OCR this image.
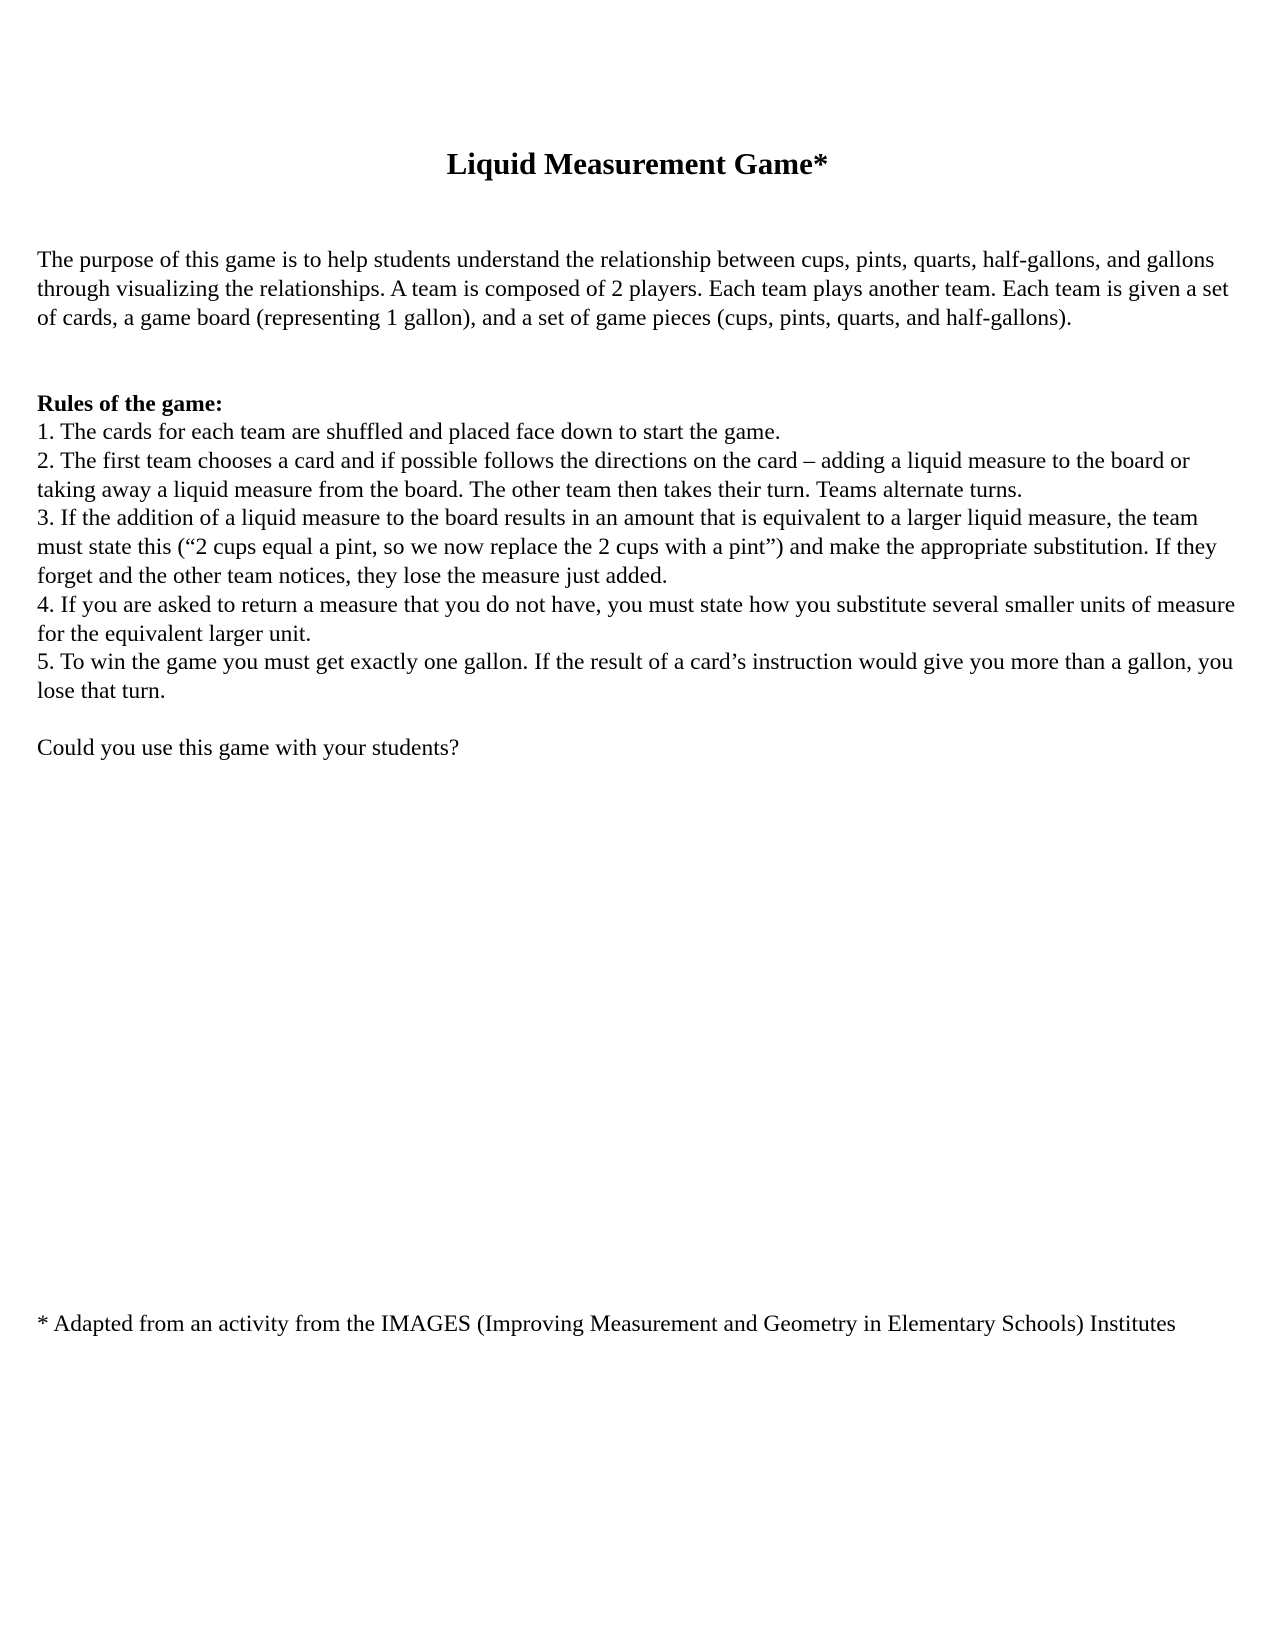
Liquid Measurement Game*

The purpose of this game is to help students understand the relationship between cups, pints, quarts, half-gallons, and gallons through visualizing the relationships. A team is composed of 2 players. Each team plays another team. Each team is given a set of cards, a game board (representing 1 gallon), and a set of game pieces (cups, pints, quarts, and half-gallons).

Rules of the game:

1. The cards for each team are shuffled and placed face down to start the game.
2. The first team chooses a card and if possible follows the directions on the card – adding a liquid measure to the board or taking away a liquid measure from the board. The other team then takes their turn. Teams alternate turns.
3. If the addition of a liquid measure to the board results in an amount that is equivalent to a larger liquid measure, the team must state this (“2 cups equal a pint, so we now replace the 2 cups with a pint”) and make the appropriate substitution. If they forget and the other team notices, they lose the measure just added.
4. If you are asked to return a measure that you do not have, you must state how you substitute several smaller units of measure for the equivalent larger unit.
5. To win the game you must get exactly one gallon. If the result of a card’s instruction would give you more than a gallon, you lose that turn.

Could you use this game with your students?

* Adapted from an activity from the IMAGES (Improving Measurement and Geometry in Elementary Schools) Institutes
